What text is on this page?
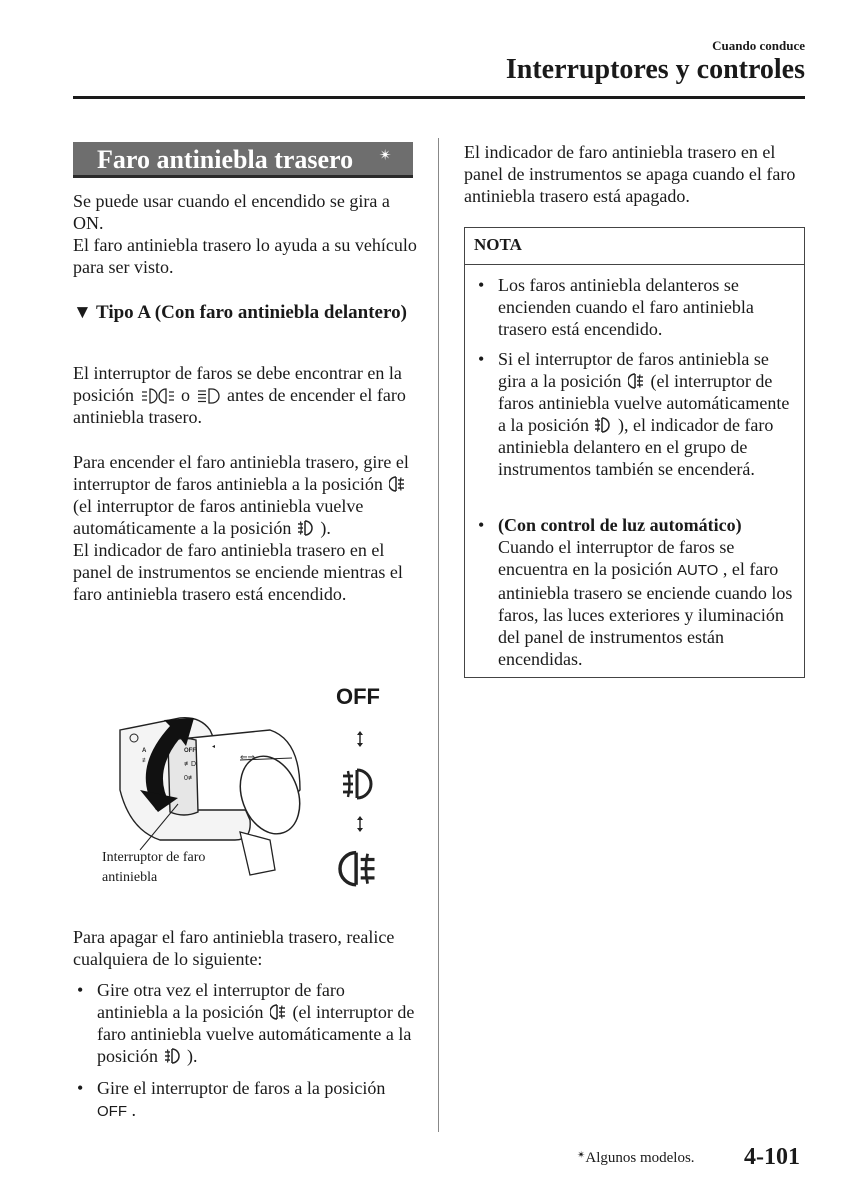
Cuando conduce
Interruptores y controles
Faro antiniebla trasero ✴

Se puede usar cuando el encendido se gira a ON.

El faro antiniebla trasero lo ayuda a su vehículo para ser visto.

▼ Tipo A (Con faro antiniebla delantero)

El interruptor de faros se debe encontrar en la posición	o antes de encender el faro antiniebla trasero.

Para encender el faro antiniebla trasero, gire el interruptor de faros antiniebla a la posición  (el interruptor de faros antiniebla vuelve automáticamente a la posición ).

El indicador de faro antiniebla trasero en el panel de instrumentos se enciende mientras el faro antiniebla trasero está encendido.

OFF
≢D
0≢
⇐⇒
◂
A
≢
Interruptor de faro antiniebla
OFF

Para apagar el faro antiniebla trasero, realice cualquiera de lo siguiente:

• Gire otra vez el interruptor de faro antiniebla a la posición (el interruptor de faro antiniebla vuelve automáticamente a la posición ).

• Gire el interruptor de faros a la posición OFF .

El indicador de faro antiniebla trasero en el panel de instrumentos se apaga cuando el faro antiniebla trasero está apagado.

NOTA

• Los faros antiniebla delanteros se encienden cuando el faro antiniebla trasero está encendido.

• Si el interruptor de faros antiniebla se gira a la posición (el interruptor de faros antiniebla vuelve automáticamente a la posición ), el indicador de faro antiniebla delantero en el grupo de instrumentos también se encenderá.

• (Con control de luz automático)
Cuando el interruptor de faros se encuentra en la posición AUTO , el faro antiniebla trasero se enciende cuando los faros, las luces exteriores y iluminación del panel de instrumentos están encendidas.

✴Algunos modelos. 4-101
